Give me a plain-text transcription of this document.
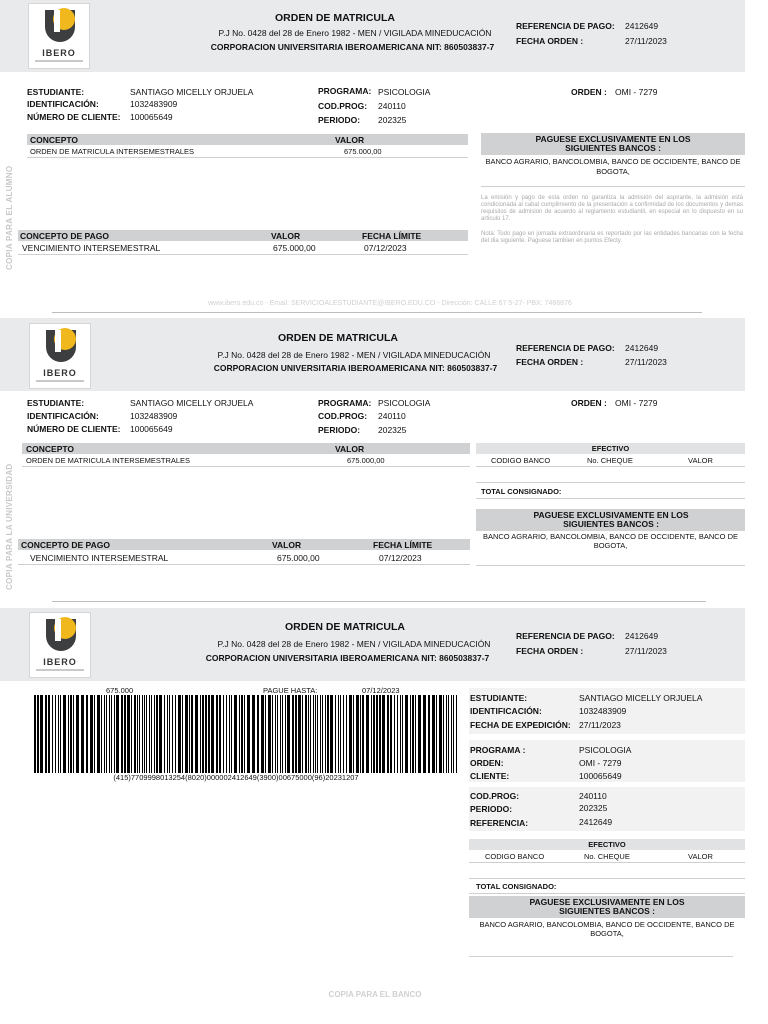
IBERO
ORDEN DE MATRICULA
P.J No. 0428 del 28 de Enero 1982 - MEN / VIGILADA MINEDUCACIÓN
CORPORACION UNIVERSITARIA IBEROAMERICANA NIT: 860503837-7
REFERENCIA DE PAGO: 2412649
FECHA ORDEN :	27/11/2023
ESTUDIANTE:	SANTIAGO MICELLY ORJUELA
IDENTIFICACIÓN:	1032483909
NÚMERO DE CLIENTE: 100065649
PROGRAMA: PSICOLOGIA
COD.PROG: 240110
PERIODO: 202325
ORDEN : OMI - 7279
CONCEPTO	VALOR
ORDEN DE MATRICULA INTERSEMESTRALES	675.000,00
PAGUESE EXCLUSIVAMENTE EN LOS SIGUIENTES BANCOS :
BANCO AGRARIO, BANCOLOMBIA, BANCO DE OCCIDENTE, BANCO DE BOGOTA,
La emisión y pago de esta orden no garantiza la admisión del aspirante, la admisión está condicionada al cabal cumplimiento de la presentación a confirmidad de los documentos y demas requisitos de admision de acuerdo al reglamento estudiantil, en especial en lo dispuesto en su articulo 17.
Nota: Todo pago en jornada extraordinaria es reportado por las entidades bancarias con la fecha del dia siguiente. Paguese tambien en puntos Efecty.
CONCEPTO DE PAGO	VALOR	FECHA LÍMITE
VENCIMIENTO INTERSEMESTRAL	675.000,00	07/12/2023
COPIA PARA EL ALUMNO
www.ibero.edu.co - Email: SERVICIOALESTUDIANTE@IBERO.EDU.CO - Dirección: CALLE 67 5-27- PBX: 7466876
IBERO
ORDEN DE MATRICULA
P.J No. 0428 del 28 de Enero 1982 - MEN / VIGILADA MINEDUCACIÓN
CORPORACION UNIVERSITARIA IBEROAMERICANA NIT: 860503837-7
REFERENCIA DE PAGO: 2412649
FECHA ORDEN :	27/11/2023
ESTUDIANTE:	SANTIAGO MICELLY ORJUELA
IDENTIFICACIÓN:	1032483909
NÚMERO DE CLIENTE: 100065649
PROGRAMA: PSICOLOGIA
COD.PROG: 240110
PERIODO: 202325
ORDEN : OMI - 7279
CONCEPTO	VALOR
ORDEN DE MATRICULA INTERSEMESTRALES	675.000,00
EFECTIVO
CODIGO BANCO	No. CHEQUE	VALOR
TOTAL CONSIGNADO:
PAGUESE EXCLUSIVAMENTE EN LOS SIGUIENTES BANCOS :
BANCO AGRARIO, BANCOLOMBIA, BANCO DE OCCIDENTE, BANCO DE BOGOTA,
CONCEPTO DE PAGO	VALOR	FECHA LÍMITE
VENCIMIENTO INTERSEMESTRAL	675.000,00	07/12/2023
COPIA PARA LA UNIVERSIDAD
IBERO
ORDEN DE MATRICULA
P.J No. 0428 del 28 de Enero 1982 - MEN / VIGILADA MINEDUCACIÓN
CORPORACION UNIVERSITARIA IBEROAMERICANA NIT: 860503837-7
REFERENCIA DE PAGO: 2412649
FECHA ORDEN :	27/11/2023
675.000	PAGUE HASTA:	07/12/2023
(415)7709998013254(8020)000002412649(3900)00675000(96)20231207
ESTUDIANTE:	SANTIAGO MICELLY ORJUELA
IDENTIFICACIÓN:	1032483909
FECHA DE EXPEDICIÓN: 27/11/2023
PROGRAMA :	PSICOLOGIA
ORDEN:	OMI - 7279
CLIENTE:	100065649
COD.PROG:	240110
PERIODO:	202325
REFERENCIA:	2412649
EFECTIVO
CODIGO BANCO	No. CHEQUE	VALOR
TOTAL CONSIGNADO:
PAGUESE EXCLUSIVAMENTE EN LOS SIGUIENTES BANCOS :
BANCO AGRARIO, BANCOLOMBIA, BANCO DE OCCIDENTE, BANCO DE BOGOTA,
COPIA PARA EL BANCO
